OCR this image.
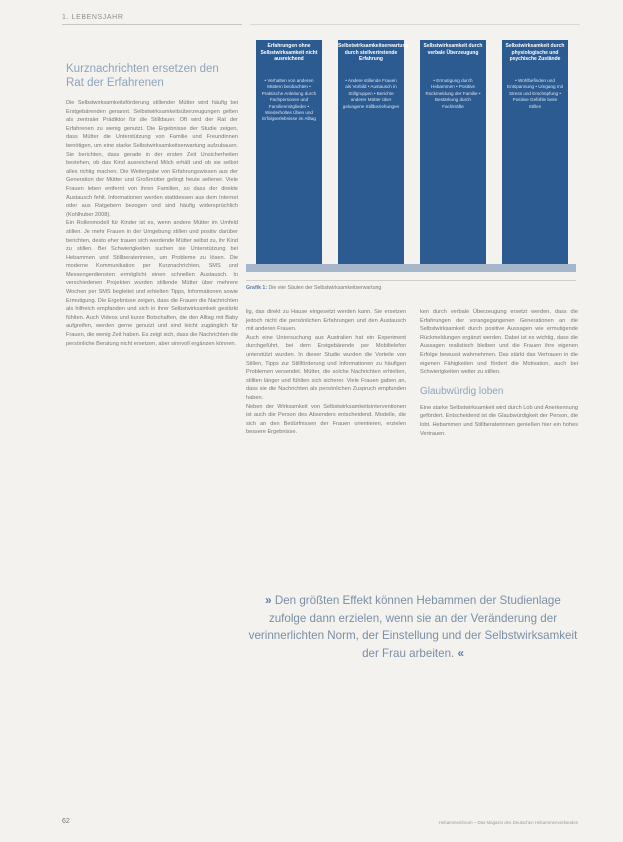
1. LEBENSJAHR
Kurznachrichten ersetzen den Rat der Erfahrenen

Die Selbstwirksamkeitsförderung stillender Mütter wird häufig bei Erstgebärenden genannt. Selbstwirksamkeitsüberzeugungen gelten als zentraler Prädiktor für die Stilldauer. Oft wird der Rat der Erfahrenen zu wenig genutzt. Die Ergebnisse der Studie zeigen, dass Mütter die Unterstützung von Familie und Freundinnen benötigen, um eine starke Selbstwirksamkeitserwartung aufzubauen. Sie berichten, dass gerade in der ersten Zeit Unsicherheiten bestehen, ob das Kind ausreichend Milch erhält und ob sie selbst alles richtig machen. Die Weitergabe von Erfahrungswissen aus der Generation der Mütter und Großmütter gelingt heute seltener. Viele Frauen leben entfernt von ihren Familien, so dass der direkte Austausch fehlt. Informationen werden stattdessen aus dem Internet oder aus Ratgebern bezogen und sind häufig widersprüchlich (Kohlhuber 2008).

Ein Rollenmodell für Kinder ist es, wenn andere Mütter im Umfeld stillen. Je mehr Frauen in der Umgebung stillen und positiv darüber berichten, desto eher trauen sich werdende Mütter selbst zu, ihr Kind zu stillen. Bei Schwierigkeiten suchen sie Unterstützung bei Hebammen und Stillberaterinnen, um Probleme zu lösen. Die moderne Kommunikation per Kurznachrichten, SMS und Messengerdiensten ermöglicht einen schnellen Austausch. In verschiedenen Projekten wurden stillende Mütter über mehrere Wochen per SMS begleitet und erhielten Tipps, Informationen sowie Ermutigung. Die Ergebnisse zeigen, dass die Frauen die Nachrichten als hilfreich empfanden und sich in ihrer Selbstwirksamkeit gestärkt fühlten. Auch Videos und kurze Botschaften, die den Alltag mit Baby aufgreifen, werden gerne genutzt und sind leicht zugänglich für Frauen, die wenig Zeit haben. Es zeigt sich, dass die Nachrichten die persönliche Beratung nicht ersetzen, aber sinnvoll ergänzen können.

Erfahrungen ohne Selbstwirksamkeit nicht ausreichend
• Verhalten von anderen Müttern beobachten • Praktische Anleitung durch Fachpersonen und Familienmitglieder • Wiederholtes Üben und Erfolgserlebnisse im Alltag
Selbstwirksamkeitserwartung durch stellvertretende Erfahrung
• Andere stillende Frauen als Vorbild • Austausch in Stillgruppen • Berichte anderer Mütter über gelungene Stillbeziehungen
Selbstwirksamkeit durch verbale Überzeugung
• Ermutigung durch Hebammen • Positive Rückmeldung der Familie • Bestärkung durch Fachkräfte
Selbstwirksamkeit durch physiologische und psychische Zustände
• Wohlbefinden und Entspannung • Umgang mit Stress und Erschöpfung • Positive Gefühle beim Stillen
Grafik 1: Die vier Säulen der Selbstwirksamkeitserwartung

lig, das direkt zu Hause eingesetzt werden kann. Sie ersetzen jedoch nicht die persönlichen Erfahrungen und den Austausch mit anderen Frauen.

Auch eine Untersuchung aus Australien hat ein Experiment durchgeführt, bei dem Erstgebärende per Mobiltelefon unterstützt wurden. In dieser Studie wurden die Vorteile von Stillen, Tipps zur Stillförderung und Informationen zu häufigen Problemen versendet. Mütter, die solche Nachrichten erhielten, stillten länger und fühlten sich sicherer. Viele Frauen gaben an, dass sie die Nachrichten als persönlichen Zuspruch empfunden haben.

Neben der Wirksamkeit von Selbstwirksamkeitsinterventionen ist auch die Person des Absenders entscheidend. Modelle, die sich an den Bedürfnissen der Frauen orientieren, erzielen bessere Ergebnisse.

ken durch verbale Überzeugung ersetzt werden, dass die Erfahrungen der vorangegangenen Generationen an die Selbstwirksamkeit durch positive Aussagen wie ermutigende Rückmeldungen ergänzt werden. Dabei ist es wichtig, dass die Aussagen realistisch bleiben und die Frauen ihre eigenen Erfolge bewusst wahrnehmen. Das stärkt das Vertrauen in die eigenen Fähigkeiten und fördert die Motivation, auch bei Schwierigkeiten weiter zu stillen.

Glaubwürdig loben

Eine starke Selbstwirksamkeit wird durch Lob und Anerkennung gefördert. Entscheidend ist die Glaubwürdigkeit der Person, die lobt. Hebammen und Stillberaterinnen genießen hier ein hohes Vertrauen.

» Den größten Effekt können Hebammen der Studienlage zufolge dann erzielen, wenn sie an der Veränderung der verinnerlichten Norm, der Einstellung und der Selbstwirksamkeit der Frau arbeiten. «
62	Hebammenforum – Das Magazin des Deutschen Hebammenverbandes
